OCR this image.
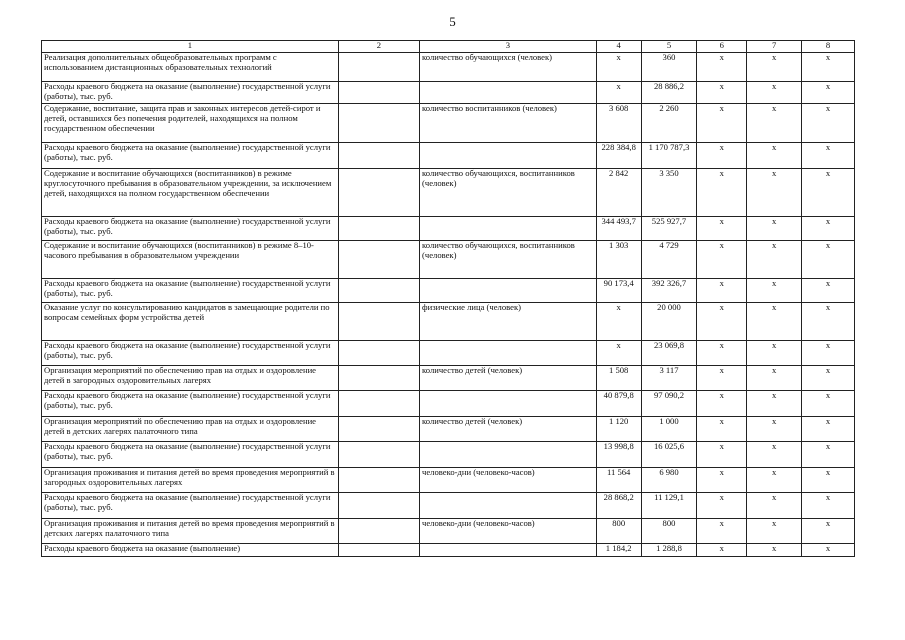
5
1	2	3	4	5	6	7	8
Реализация дополнительных общеобразовательных программ с использованием дистанционных образовательных технологий		количество обучающихся (человек)	х	360	х	х	х
Расходы краевого бюджета на оказание (выполнение) государственной услуги (работы), тыс. руб.			х	28 886,2	х	х	х
Содержание, воспитание, защита прав и законных интересов детей-сирот и детей, оставшихся без попечения родителей, находящихся на полном государственном обеспечении		количество воспитанников (человек)	3 608	2 260	х	х	х
Расходы краевого бюджета на оказание (выполнение) государственной услуги (работы), тыс. руб.			228 384,8	1 170 787,3	х	х	х
Содержание и воспитание обучающихся (воспитанников) в режиме круглосуточного пребывания в образовательном учреждении, за исключением детей, находящихся на полном государственном обеспечении		количество обучающихся, воспитанников (человек)	2 842	3 350	х	х	х
Расходы краевого бюджета на оказание (выполнение) государственной услуги (работы), тыс. руб.			344 493,7	525 927,7	х	х	х
Содержание и воспитание обучающихся (воспитанников) в режиме 8–10-часового пребывания в образовательном учреждении		количество обучающихся, воспитанников (человек)	1 303	4 729	х	х	х
Расходы краевого бюджета на оказание (выполнение) государственной услуги (работы), тыс. руб.			90 173,4	392 326,7	х	х	х
Оказание услуг по консультированию кандидатов в замещающие родители по вопросам семейных форм устройства детей		физические лица (человек)	х	20 000	х	х	х
Расходы краевого бюджета на оказание (выполнение) государственной услуги (работы), тыс. руб.			х	23 069,8	х	х	х
Организация мероприятий по обеспечению прав на отдых и оздоровление детей в загородных оздоровительных лагерях		количество детей (человек)	1 508	3 117	х	х	х
Расходы краевого бюджета на оказание (выполнение) государственной услуги (работы), тыс. руб.			40 879,8	97 090,2	х	х	х
Организация мероприятий по обеспечению прав на отдых и оздоровление детей в детских лагерях палаточного типа		количество детей (человек)	1 120	1 000	х	х	х
Расходы краевого бюджета на оказание (выполнение) государственной услуги (работы), тыс. руб.			13 998,8	16 025,6	х	х	х
Организация проживания и питания детей во время проведения мероприятий в загородных оздоровительных лагерях		человеко-дни (человеко-часов)	11 564	6 980	х	х	х
Расходы краевого бюджета на оказание (выполнение) государственной услуги (работы), тыс. руб.			28 868,2	11 129,1	х	х	х
Организация проживания и питания детей во время проведения мероприятий в детских лагерях палаточного типа		человеко-дни (человеко-часов)	800	800	х	х	х
Расходы краевого бюджета на оказание (выполнение)			1 184,2	1 288,8	х	х	х
